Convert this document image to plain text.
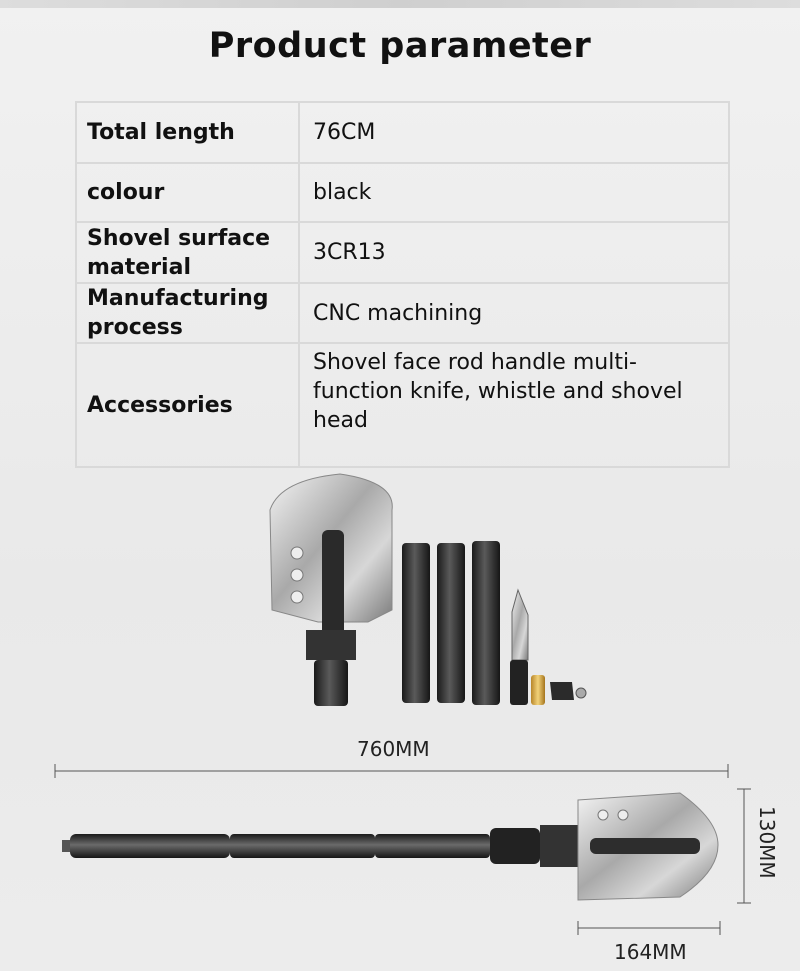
Product parameter
Total length	76CM
colour	black
Shovel surface material	3CR13
Manufacturing process	CNC machining
Accessories	Shovel face rod handle multi-function knife, whistle and shovel head
760MM
130MM
164MM
